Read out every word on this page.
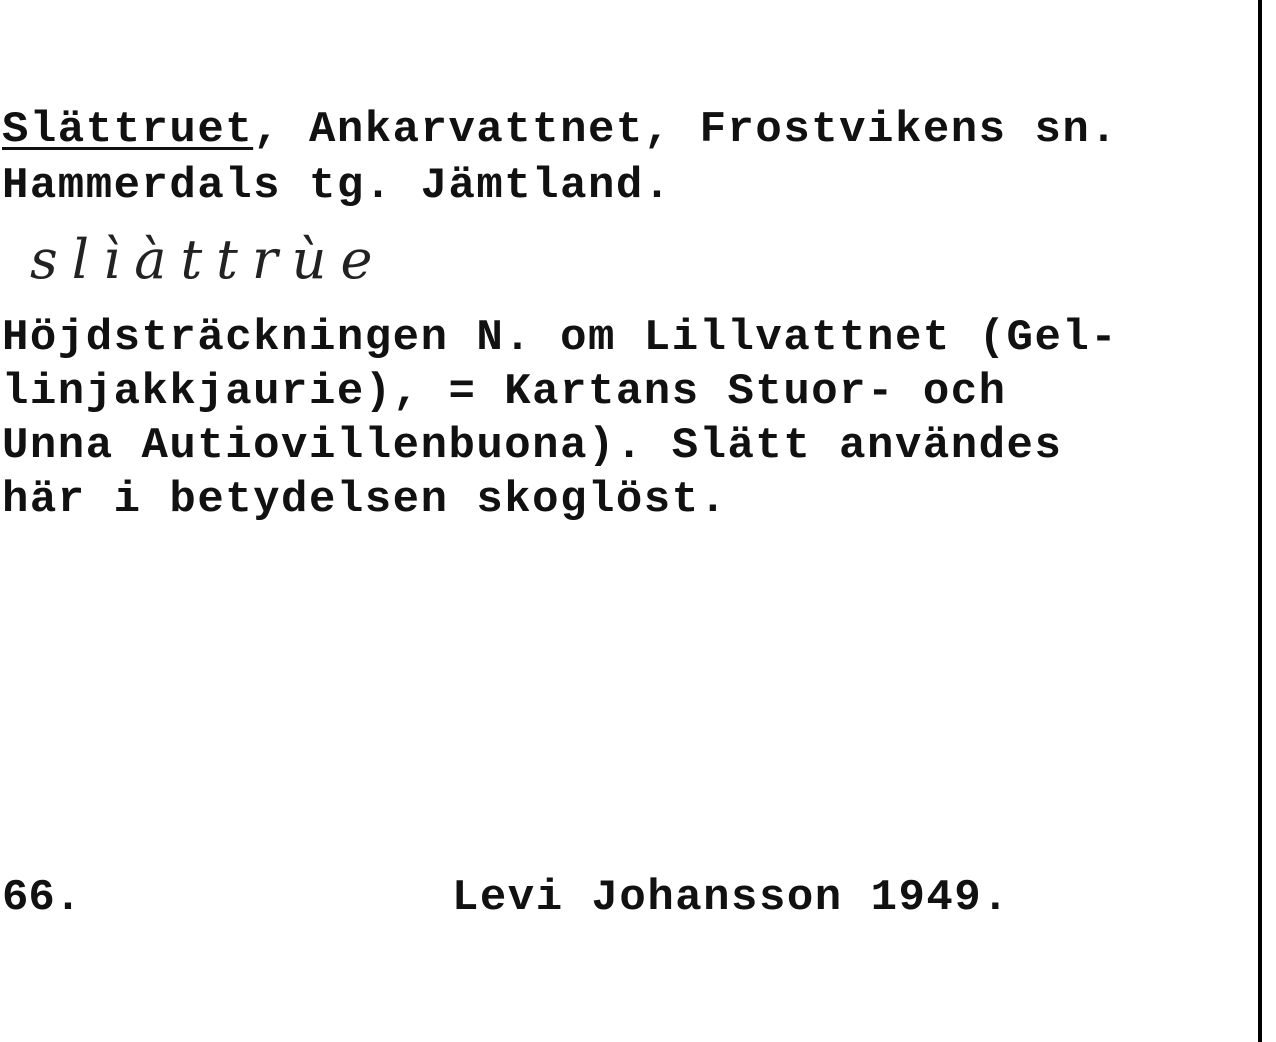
Slättruet, Ankarvattnet, Frostvikens sn.

Hammerdals tg. Jämtland.

slìàttrùe

Höjdsträckningen N. om Lillvattnet (Gel-

linjakkjaurie), = Kartans Stuor- och

Unna Autiovillenbuona). Slätt användes

här i betydelsen skoglöst.

66.	Levi Johansson 1949.
